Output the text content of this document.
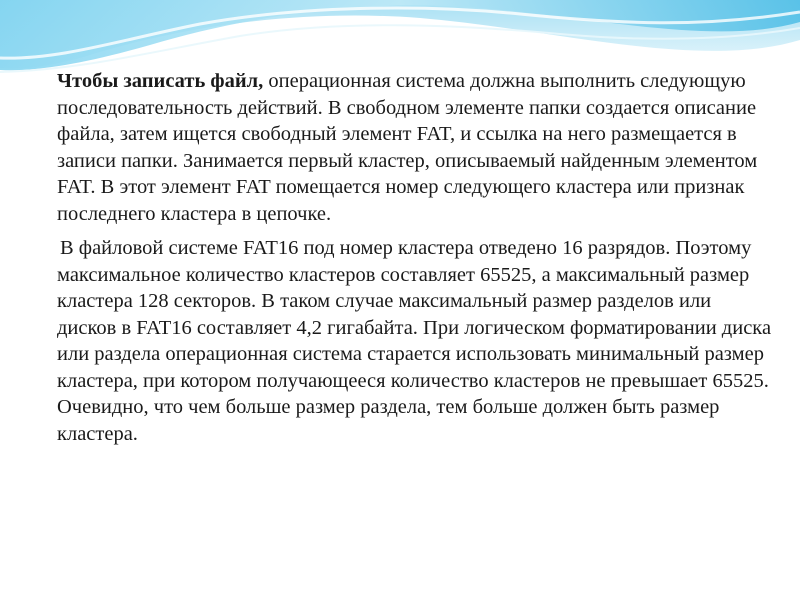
Чтобы записать файл, операционная система должна выполнить следующую последовательность действий. В свободном элементе папки создается описание файла, затем ищется свободный элемент FAT, и ссылка на него размещается в записи папки. Занимается первый кластер, описываемый найденным элементом FAT. В этот элемент FAT помещается номер следующего кластера или признак последнего кластера в цепочке.

В файловой системе FAT16 под номер кластера отведено 16 разрядов. Поэтому максимальное количество кластеров составляет 65525, а максимальный размер кластера 128 секторов. В таком случае максимальный размер разделов или дисков в FAT16 составляет 4,2 гигабайта. При логическом форматировании диска или раздела операционная система старается использовать минимальный размер кластера, при котором получающееся количество кластеров не превышает 65525. Очевидно, что чем больше размер раздела, тем больше должен быть размер кластера.
